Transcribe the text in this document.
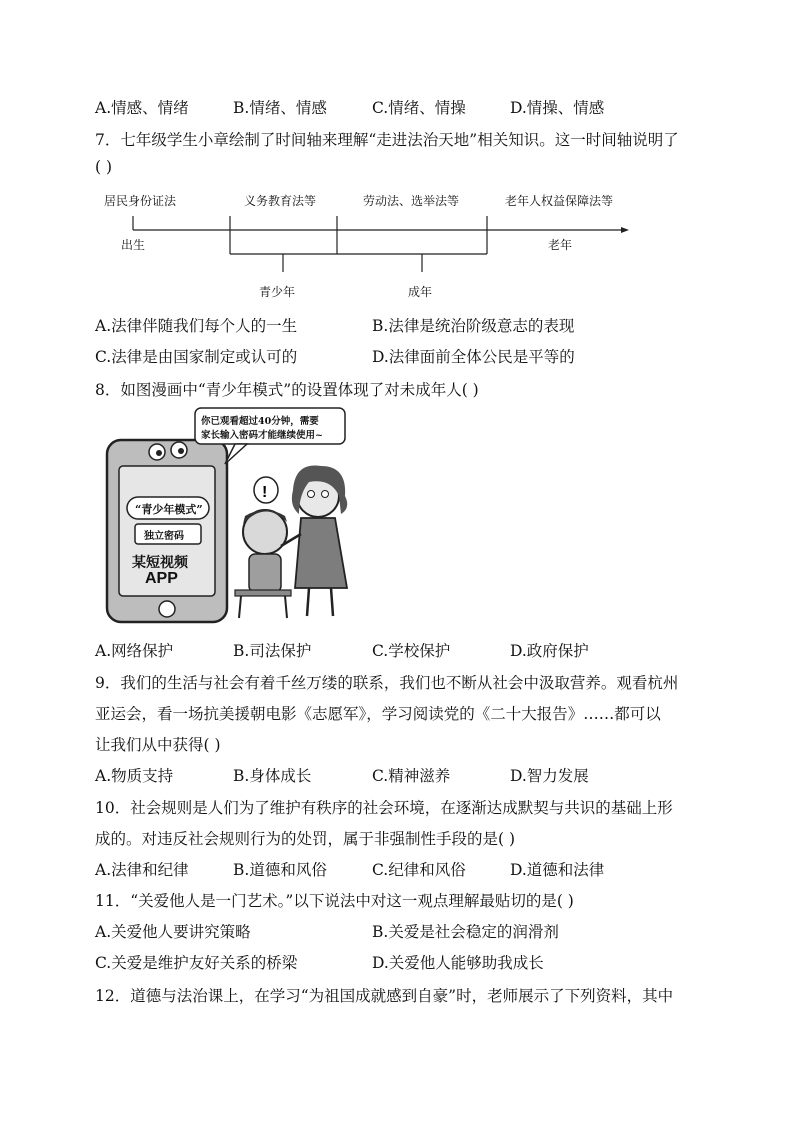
A.情感、情绪	B.情绪、情感	C.情绪、情操	D.情操、情感
7．七年级学生小章绘制了时间轴来理解“走进法治天地”相关知识。这一时间轴说明了
( )
居民身份证法	义务教育法等	劳动法、选举法等	老年人权益保障法等
出生	老年
青少年	成年
A.法律伴随我们每个人的一生	B.法律是统治阶级意志的表现
C.法律是由国家制定或认可的	D.法律面前全体公民是平等的
8．如图漫画中“青少年模式”的设置体现了对未成年人( )
!
你已观看超过40分钟，需要
家长输入密码才能继续使用~
“青少年模式”
独立密码
某短视频
APP
A.网络保护	B.司法保护	C.学校保护	D.政府保护
9．我们的生活与社会有着千丝万缕的联系，我们也不断从社会中汲取营养。观看杭州
亚运会，看一场抗美援朝电影《志愿军》，学习阅读党的《二十大报告》……都可以
让我们从中获得( )
A.物质支持	B.身体成长	C.精神滋养	D.智力发展
10．社会规则是人们为了维护有秩序的社会环境，在逐渐达成默契与共识的基础上形
成的。对违反社会规则行为的处罚，属于非强制性手段的是( )
A.法律和纪律	B.道德和风俗	C.纪律和风俗	D.道德和法律
11．“关爱他人是一门艺术。”以下说法中对这一观点理解最贴切的是( )
A.关爱他人要讲究策略	B.关爱是社会稳定的润滑剂
C.关爱是维护友好关系的桥梁	D.关爱他人能够助我成长
12．道德与法治课上，在学习“为祖国成就感到自豪”时，老师展示了下列资料，其中
